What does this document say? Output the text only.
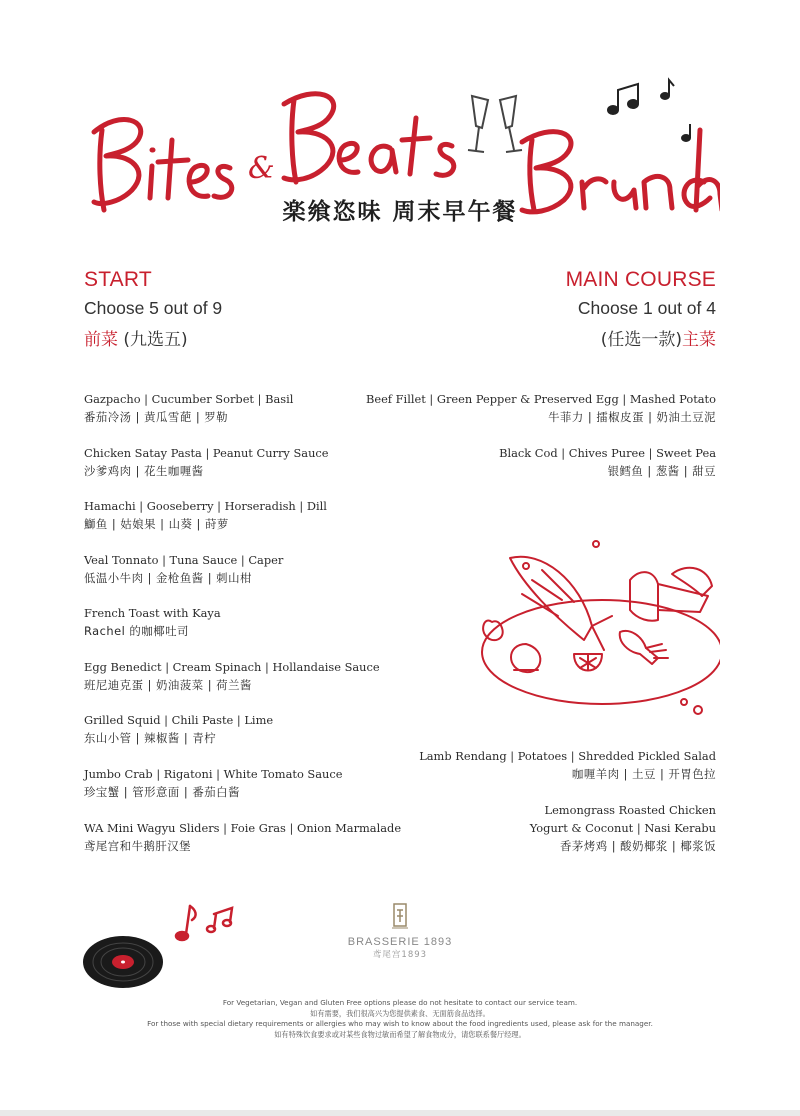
&
楽飨恣味 周末早午餐
START
Choose 5 out of 9
前菜 (九选五)
MAIN COURSE
Choose 1 out of 4
(任选一款)主菜
Gazpacho | Cucumber Sorbet | Basil
番茄冷汤 | 黄瓜雪葩 | 罗勒
Chicken Satay Pasta | Peanut Curry Sauce
沙爹鸡肉 | 花生咖喱酱
Hamachi | Gooseberry | Horseradish | Dill
鰤鱼 | 姑娘果 | 山葵 | 莳萝
Veal Tonnato | Tuna Sauce | Caper
低温小牛肉 | 金枪鱼酱 | 刺山柑
French Toast with Kaya
Rachel 的咖椰吐司
Egg Benedict | Cream Spinach | Hollandaise Sauce
班尼迪克蛋 | 奶油菠菜 | 荷兰酱
Grilled Squid | Chili Paste | Lime
东山小管 | 辣椒酱 | 青柠
Jumbo Crab | Rigatoni | White Tomato Sauce
珍宝蟹 | 管形意面 | 番茄白酱
WA Mini Wagyu Sliders | Foie Gras | Onion Marmalade
鸢尾宫和牛鹅肝汉堡
Beef Fillet | Green Pepper & Preserved Egg | Mashed Potato
牛菲力 | 擂椒皮蛋 | 奶油土豆泥
Black Cod | Chives Puree | Sweet Pea
银鳕鱼 | 葱酱 | 甜豆
Lamb Rendang | Potatoes | Shredded Pickled Salad
咖喱羊肉 | 土豆 | 开胃色拉
Lemongrass Roasted Chicken
Yogurt & Coconut | Nasi Kerabu
香茅烤鸡 | 酸奶椰浆 | 椰浆饭
BRASSERIE 1893
鸢尾宫1893
For Vegetarian, Vegan and Gluten Free options please do not hesitate to contact our service team.
如有需要，我们很高兴为您提供素食、无面筋食品选择。
For those with special dietary requirements or allergies who may wish to know about the food ingredients used, please ask for the manager.
如有特殊饮食要求或对某些食物过敏而希望了解食物成分，请您联系餐厅经理。
